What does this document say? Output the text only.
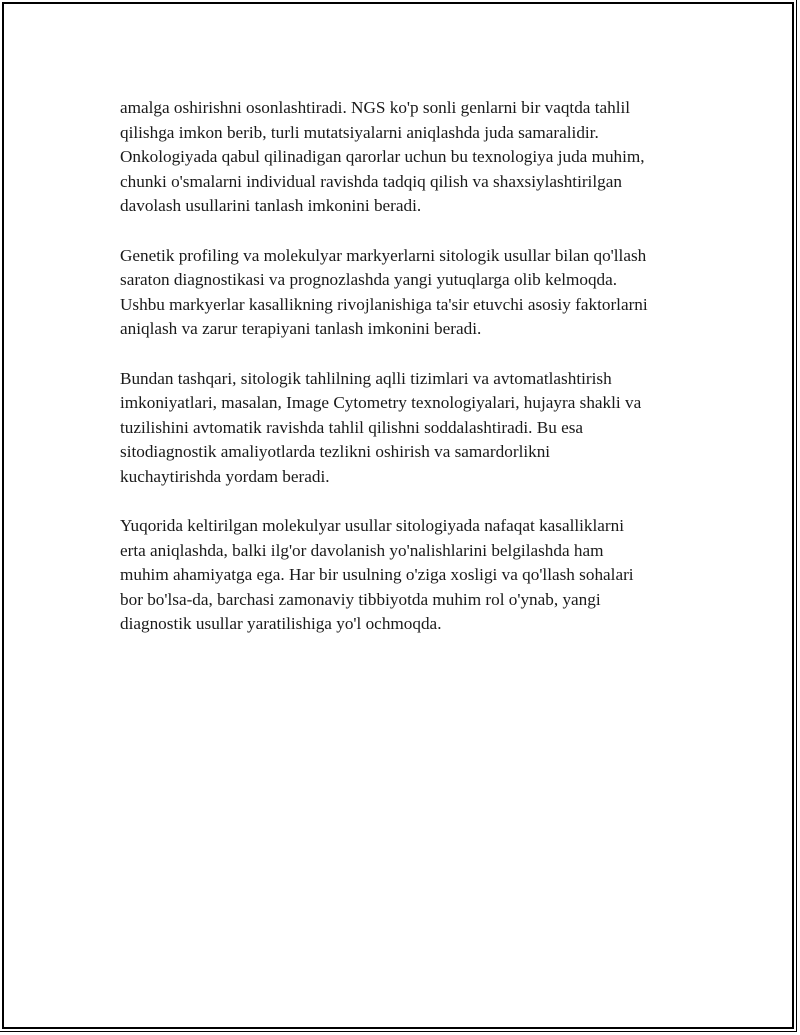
amalga oshirishni osonlashtiradi. NGS ko'p sonli genlarni bir vaqtda tahlil
qilishga imkon berib, turli mutatsiyalarni aniqlashda juda samaralidir.
Onkologiyada qabul qilinadigan qarorlar uchun bu texnologiya juda muhim,
chunki o'smalarni individual ravishda tadqiq qilish va shaxsiylashtirilgan
davolash usullarini tanlash imkonini beradi.

Genetik profiling va molekulyar markyerlarni sitologik usullar bilan qo'llash
saraton diagnostikasi va prognozlashda yangi yutuqlarga olib kelmoqda.
Ushbu markyerlar kasallikning rivojlanishiga ta'sir etuvchi asosiy faktorlarni
aniqlash va zarur terapiyani tanlash imkonini beradi.

Bundan tashqari, sitologik tahlilning aqlli tizimlari va avtomatlashtirish
imkoniyatlari, masalan, Image Cytometry texnologiyalari, hujayra shakli va
tuzilishini avtomatik ravishda tahlil qilishni soddalashtiradi. Bu esa
sitodiagnostik amaliyotlarda tezlikni oshirish va samardorlikni
kuchaytirishda yordam beradi.

Yuqorida keltirilgan molekulyar usullar sitologiyada nafaqat kasalliklarni
erta aniqlashda, balki ilg'or davolanish yo'nalishlarini belgilashda ham
muhim ahamiyatga ega. Har bir usulning o'ziga xosligi va qo'llash sohalari
bor bo'lsa-da, barchasi zamonaviy tibbiyotda muhim rol o'ynab, yangi
diagnostik usullar yaratilishiga yo'l ochmoqda.
